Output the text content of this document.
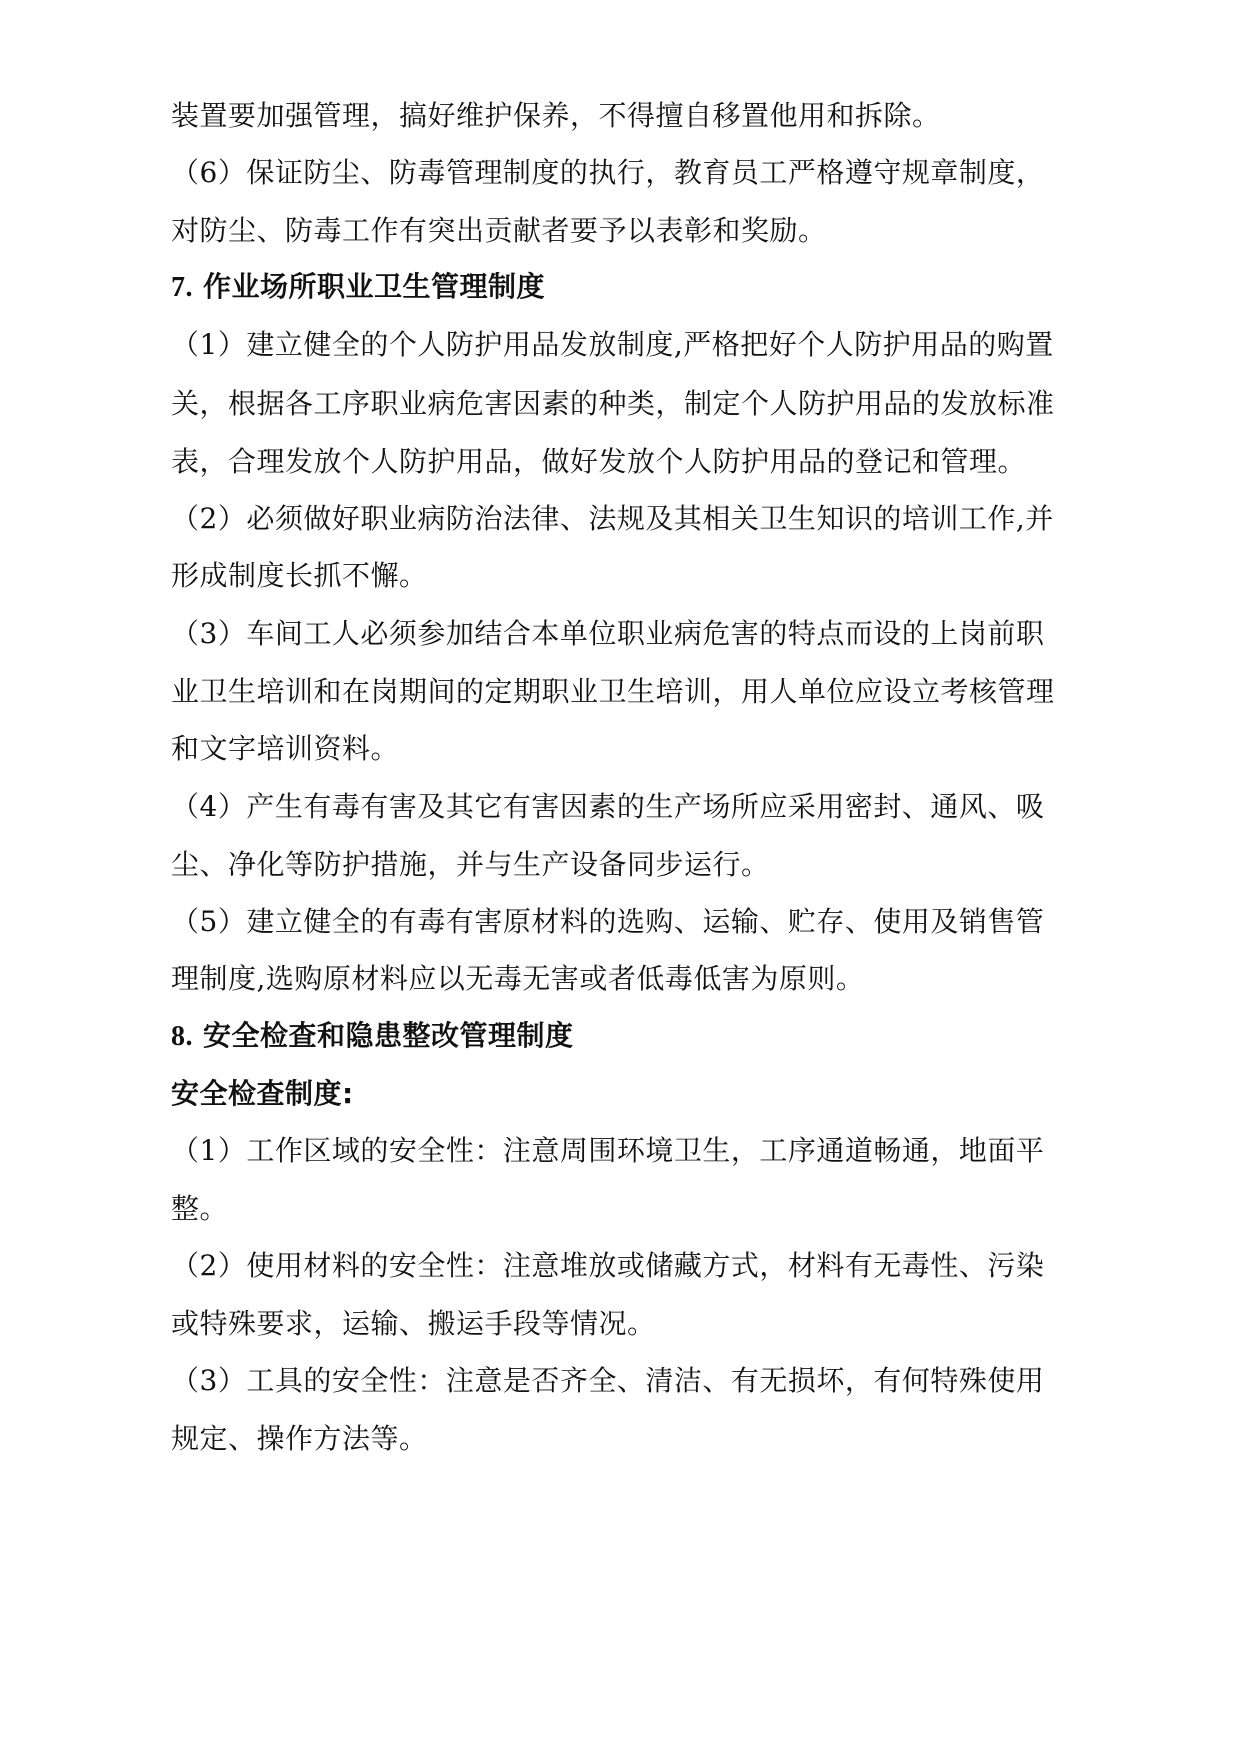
装置要加强管理，搞好维护保养，不得擅自移置他用和拆除。
（6）保证防尘、防毒管理制度的执行，教育员工严格遵守规章制度，
对防尘、防毒工作有突出贡献者要予以表彰和奖励。
7. 作业场所职业卫生管理制度
（1）建立健全的个人防护用品发放制度,严格把好个人防护用品的购置
关，根据各工序职业病危害因素的种类，制定个人防护用品的发放标准
表，合理发放个人防护用品，做好发放个人防护用品的登记和管理。
（2）必须做好职业病防治法律、法规及其相关卫生知识的培训工作,并
形成制度长抓不懈。
（3）车间工人必须参加结合本单位职业病危害的特点而设的上岗前职
业卫生培训和在岗期间的定期职业卫生培训，用人单位应设立考核管理
和文字培训资料。
（4）产生有毒有害及其它有害因素的生产场所应采用密封、通风、吸
尘、净化等防护措施，并与生产设备同步运行。
（5）建立健全的有毒有害原材料的选购、运输、贮存、使用及销售管
理制度,选购原材料应以无毒无害或者低毒低害为原则。
8. 安全检查和隐患整改管理制度
安全检查制度:
（1）工作区域的安全性：注意周围环境卫生，工序通道畅通，地面平
整。
（2）使用材料的安全性：注意堆放或储藏方式，材料有无毒性、污染
或特殊要求，运输、搬运手段等情况。
（3）工具的安全性：注意是否齐全、清洁、有无损坏，有何特殊使用
规定、操作方法等。
